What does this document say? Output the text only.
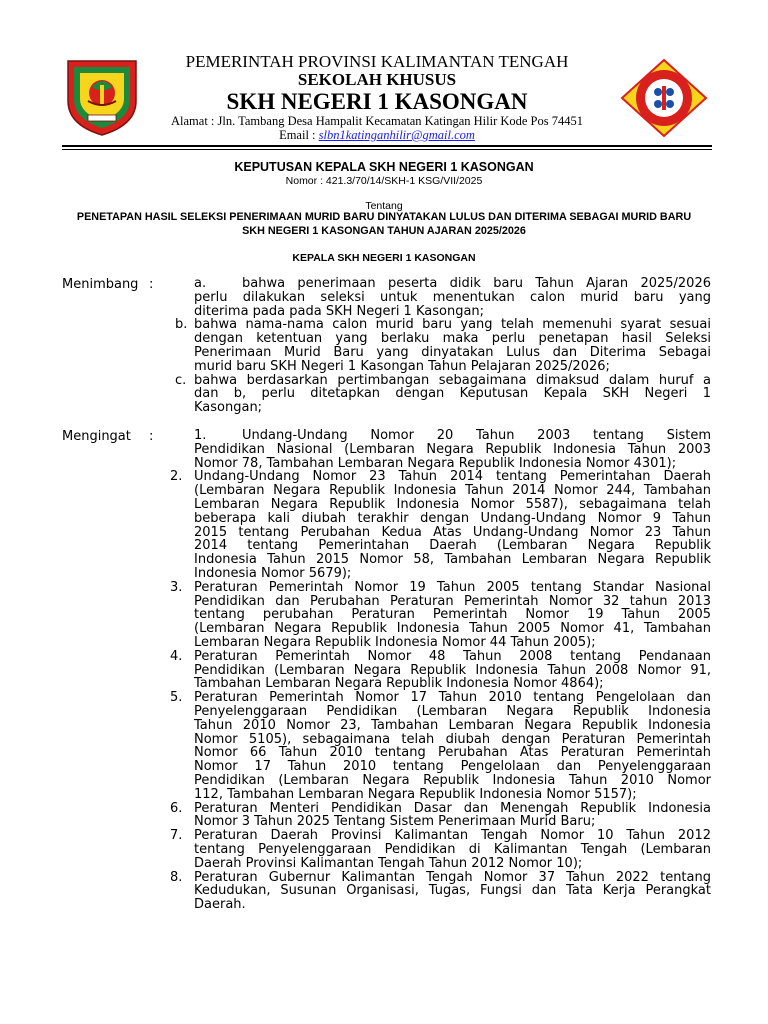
PEMERINTAH PROVINSI KALIMANTAN TENGAH
SEKOLAH KHUSUS
SKH NEGERI 1 KASONGAN
Alamat : Jln. Tambang Desa Hampalit Kecamatan Katingan Hilir Kode Pos 74451
Email : slbn1katinganhilir@gmail.com
KEPUTUSAN KEPALA SKH NEGERI 1 KASONGAN
Nomor : 421.3/70/14/SKH-1 KSG/VII/2025
Tentang
PENETAPAN HASIL SELEKSI PENERIMAAN MURID BARU DINYATAKAN LULUS DAN DITERIMA SEBAGAI MURID BARU
SKH NEGERI 1 KASONGAN TAHUN AJARAN 2025/2026
KEPALA SKH NEGERI 1 KASONGAN
Menimbang :	a.	bahwa penerimaan peserta didik baru Tahun Ajaran 2025/2026
perlu dilakukan seleksi untuk menentukan calon murid baru yang
diterima pada pada SKH Negeri 1 Kasongan;
b. bahwa nama-nama calon murid baru yang telah memenuhi syarat sesuai
dengan ketentuan yang berlaku maka perlu penetapan hasil Seleksi
Penerimaan Murid Baru yang dinyatakan Lulus dan Diterima Sebagai
murid baru SKH Negeri 1 Kasongan Tahun Pelajaran 2025/2026;
c. bahwa berdasarkan pertimbangan sebagaimana dimaksud dalam huruf a
dan b, perlu ditetapkan dengan Keputusan Kepala SKH Negeri 1
Kasongan;
Mengingat :	1.	Undang-Undang Nomor 20 Tahun 2003 tentang Sistem
Pendidikan Nasional (Lembaran Negara Republik Indonesia Tahun 2003
Nomor 78, Tambahan Lembaran Negara Republik Indonesia Nomor 4301);
2. Undang-Undang Nomor 23 Tahun 2014 tentang Pemerintahan Daerah
(Lembaran Negara Republik Indonesia Tahun 2014 Nomor 244, Tambahan
Lembaran Negara Republik Indonesia Nomor 5587), sebagaimana telah
beberapa kali diubah terakhir dengan Undang-Undang Nomor 9 Tahun
2015 tentang Perubahan Kedua Atas Undang-Undang Nomor 23 Tahun
2014 tentang Pemerintahan Daerah (Lembaran Negara Republik
Indonesia Tahun 2015 Nomor 58, Tambahan Lembaran Negara Republik
Indonesia Nomor 5679);
3. Peraturan Pemerintah Nomor 19 Tahun 2005 tentang Standar Nasional
Pendidikan dan Perubahan Peraturan Pemerintah Nomor 32 tahun 2013
tentang perubahan Peraturan Pemerintah Nomor 19 Tahun 2005
(Lembaran Negara Republik Indonesia Tahun 2005 Nomor 41, Tambahan
Lembaran Negara Republik Indonesia Nomor 44 Tahun 2005);
4. Peraturan Pemerintah Nomor 48 Tahun 2008 tentang Pendanaan
Pendidikan (Lembaran Negara Republik Indonesia Tahun 2008 Nomor 91,
Tambahan Lembaran Negara Republik Indonesia Nomor 4864);
5. Peraturan Pemerintah Nomor 17 Tahun 2010 tentang Pengelolaan dan
Penyelenggaraan Pendidikan (Lembaran Negara Republik Indonesia
Tahun 2010 Nomor 23, Tambahan Lembaran Negara Republik Indonesia
Nomor 5105), sebagaimana telah diubah dengan Peraturan Pemerintah
Nomor 66 Tahun 2010 tentang Perubahan Atas Peraturan Pemerintah
Nomor 17 Tahun 2010 tentang Pengelolaan dan Penyelenggaraan
Pendidikan (Lembaran Negara Republik Indonesia Tahun 2010 Nomor
112, Tambahan Lembaran Negara Republik Indonesia Nomor 5157);
6. Peraturan Menteri Pendidikan Dasar dan Menengah Republik Indonesia
Nomor 3 Tahun 2025 Tentang Sistem Penerimaan Murid Baru;
7. Peraturan Daerah Provinsi Kalimantan Tengah Nomor 10 Tahun 2012
tentang Penyelenggaraan Pendidikan di Kalimantan Tengah (Lembaran
Daerah Provinsi Kalimantan Tengah Tahun 2012 Nomor 10);
8. Peraturan Gubernur Kalimantan Tengah Nomor 37 Tahun 2022 tentang
Kedudukan, Susunan Organisasi, Tugas, Fungsi dan Tata Kerja Perangkat
Daerah.
